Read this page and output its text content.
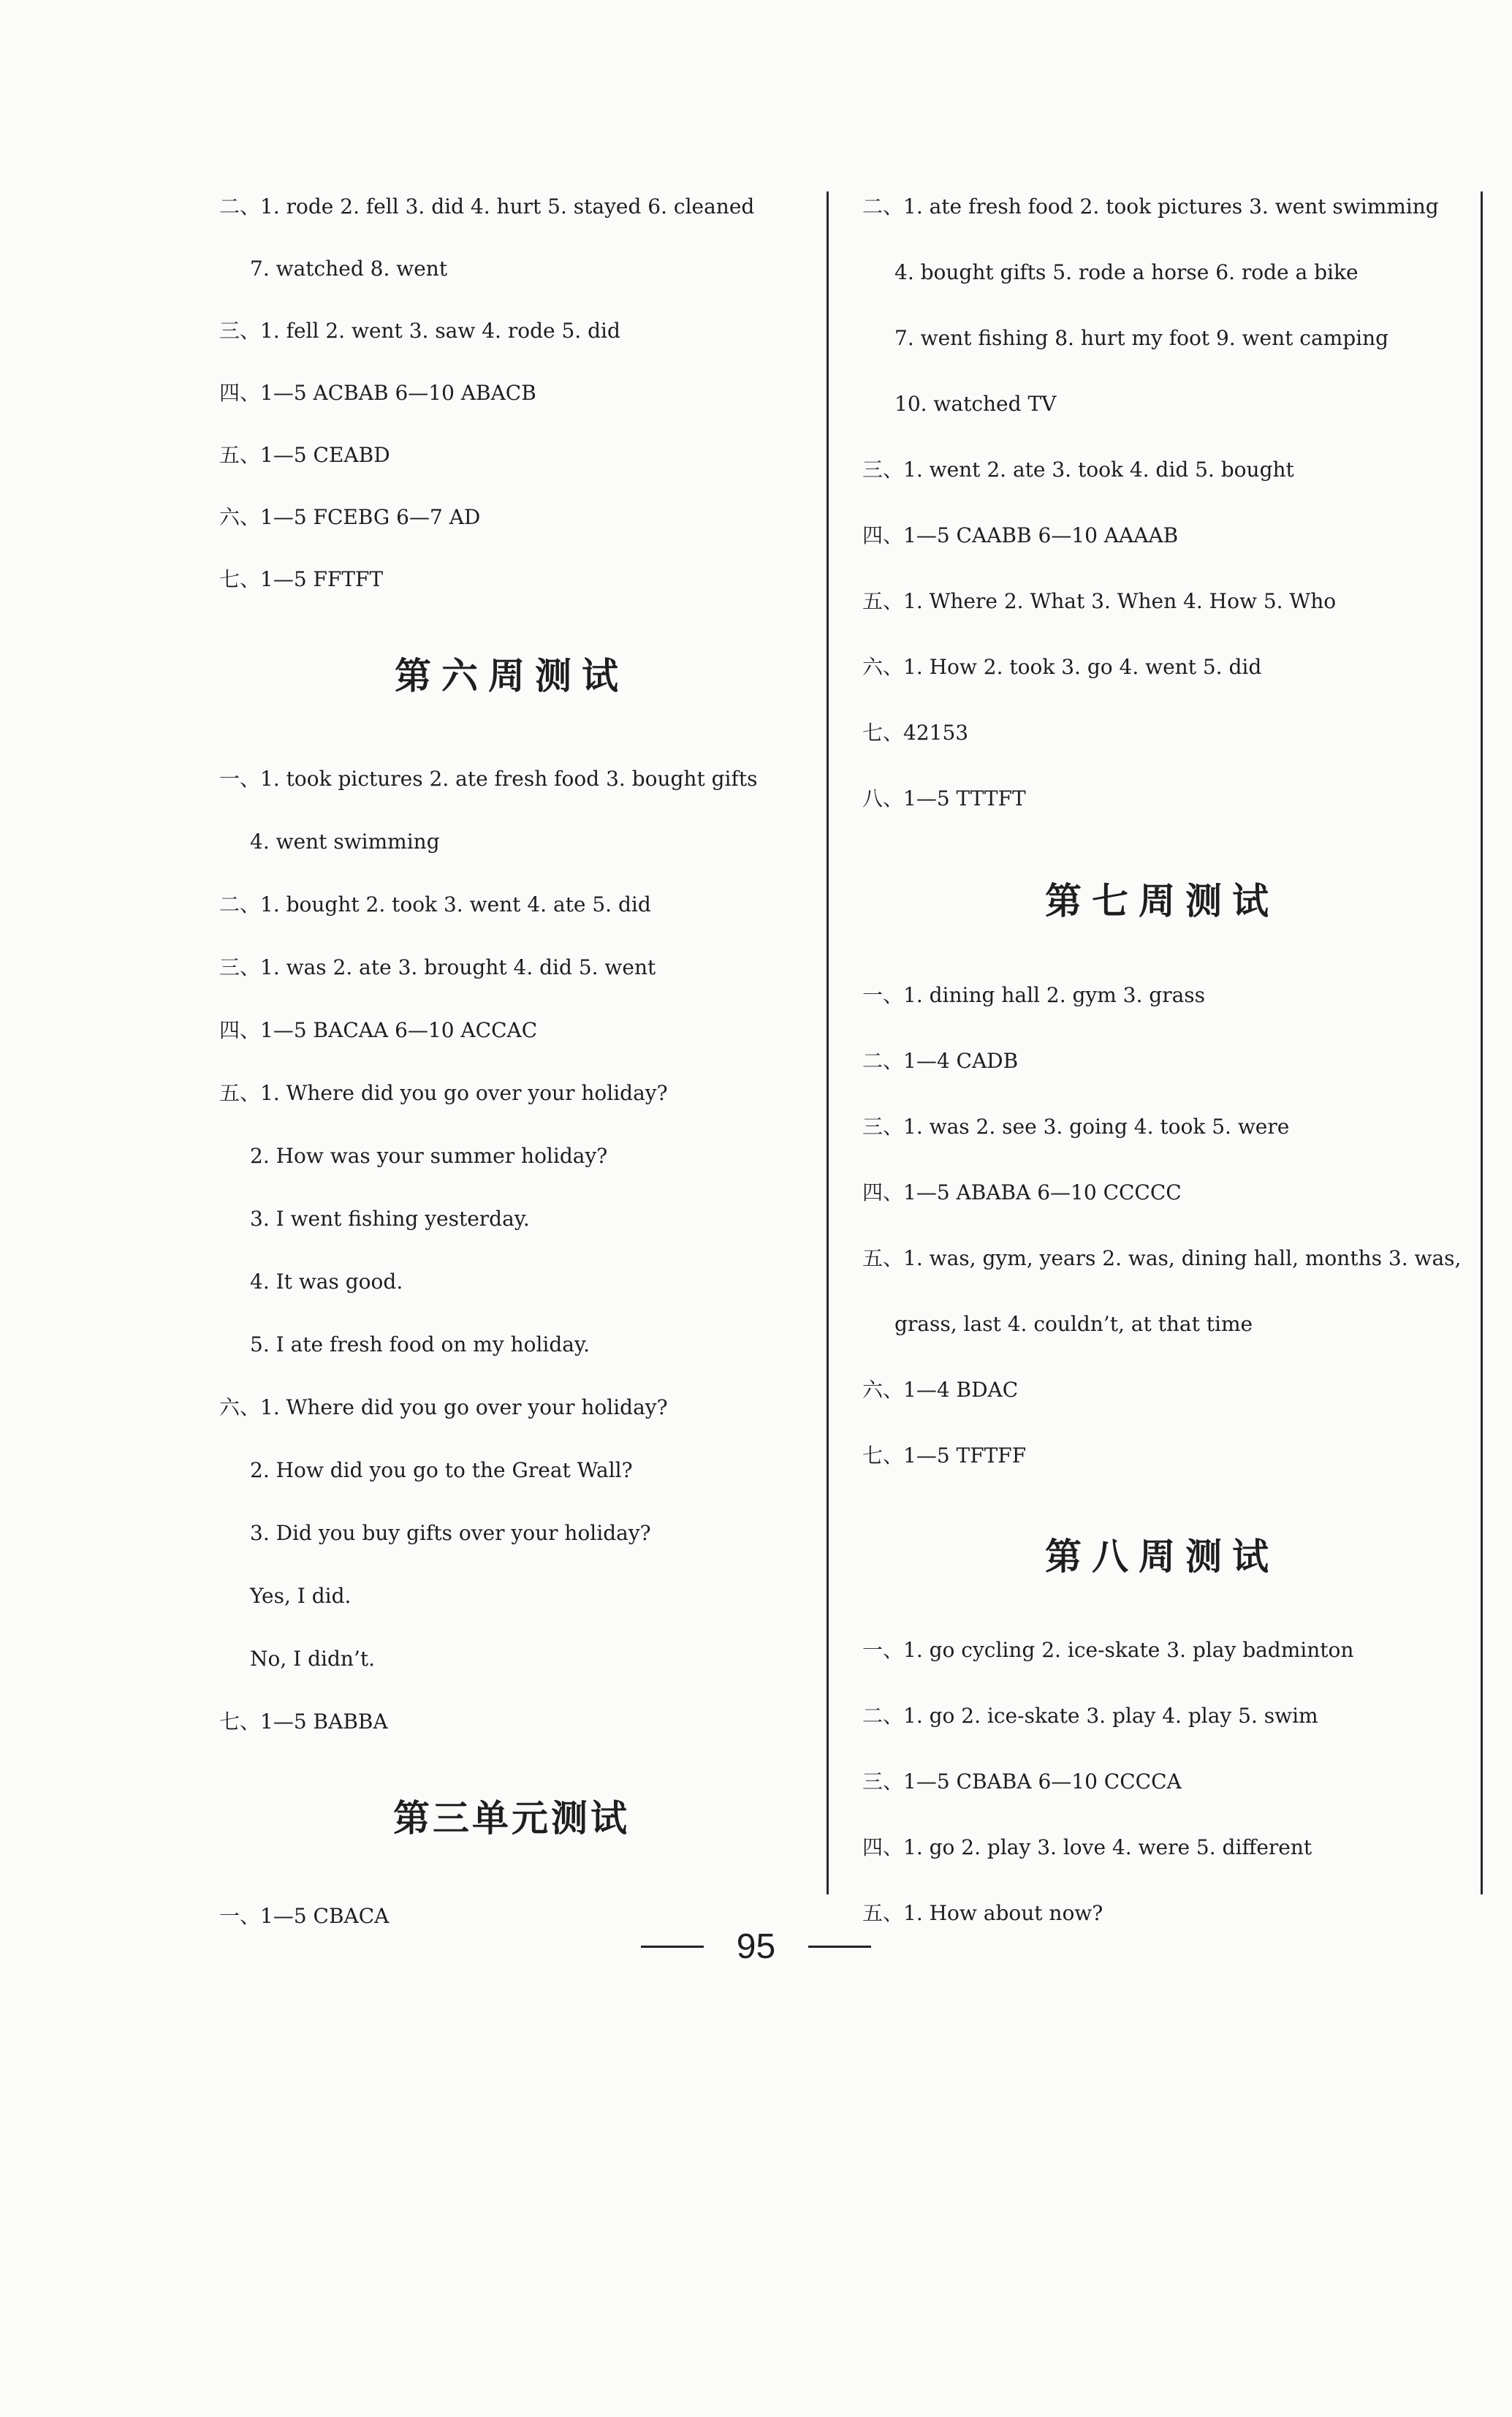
二、1. rode 2. fell 3. did 4. hurt 5. stayed 6. cleaned
7. watched 8. went
三、1. fell 2. went 3. saw 4. rode 5. did
四、1—5 ACBAB 6—10 ABACB
五、1—5 CEABD
六、1—5 FCEBG 6—7 AD
七、1—5 FFTFT
第六周测试
一、1. took pictures 2. ate fresh food 3. bought gifts
4. went swimming
二、1. bought 2. took 3. went 4. ate 5. did
三、1. was 2. ate 3. brought 4. did 5. went
四、1—5 BACAA 6—10 ACCAC
五、1. Where did you go over your holiday?
2. How was your summer holiday?
3. I went fishing yesterday.
4. It was good.
5. I ate fresh food on my holiday.
六、1. Where did you go over your holiday?
2. How did you go to the Great Wall?
3. Did you buy gifts over your holiday?
Yes, I did.
No, I didn’t.
七、1—5 BABBA
第三单元测试
一、1—5 CBACA
二、1. ate fresh food 2. took pictures 3. went swimming
4. bought gifts 5. rode a horse 6. rode a bike
7. went fishing 8. hurt my foot 9. went camping
10. watched TV
三、1. went 2. ate 3. took 4. did 5. bought
四、1—5 CAABB 6—10 AAAAB
五、1. Where 2. What 3. When 4. How 5. Who
六、1. How 2. took 3. go 4. went 5. did
七、42153
八、1—5 TTTFT
第七周测试
一、1. dining hall 2. gym 3. grass
二、1—4 CADB
三、1. was 2. see 3. going 4. took 5. were
四、1—5 ABABA 6—10 CCCCC
五、1. was, gym, years 2. was, dining hall, months 3. was,
grass, last 4. couldn’t, at that time
六、1—4 BDAC
七、1—5 TFTFF
第八周测试
一、1. go cycling 2. ice-skate 3. play badminton
二、1. go 2. ice-skate 3. play 4. play 5. swim
三、1—5 CBABA 6—10 CCCCA
四、1. go 2. play 3. love 4. were 5. different
五、1. How about now?
95
